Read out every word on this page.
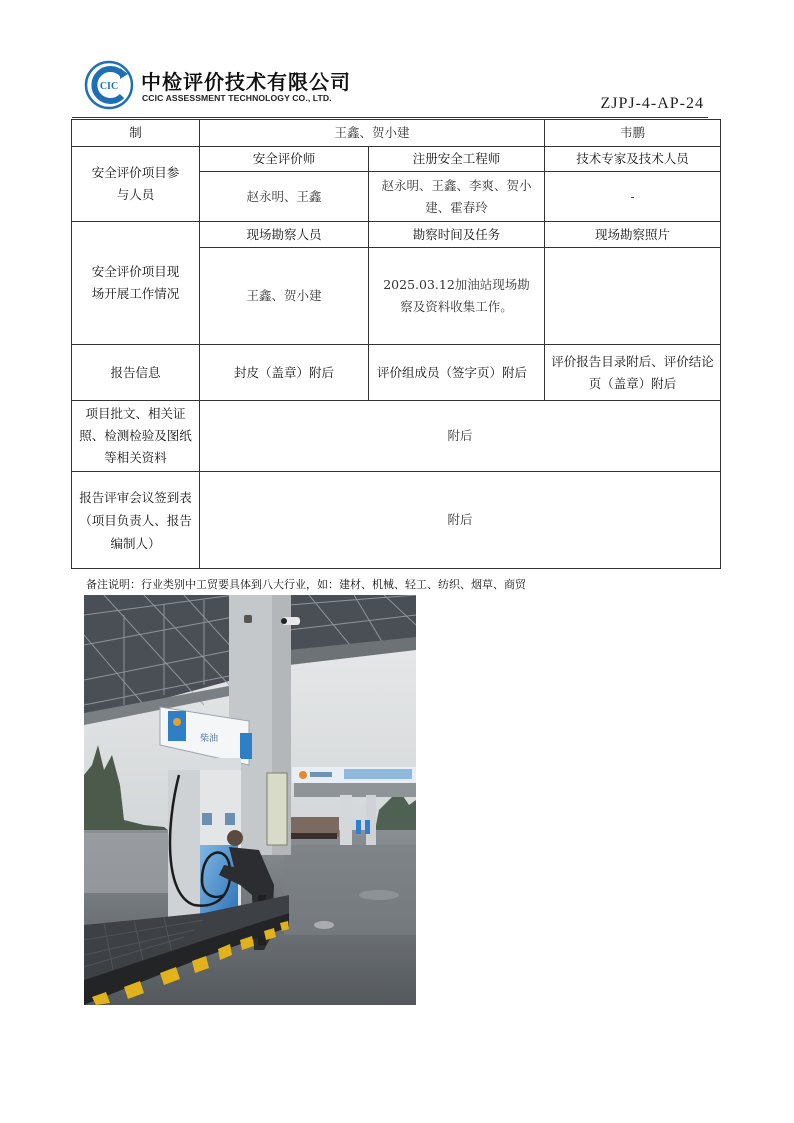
CIC 中检评价技术有限公司
CCIC ASSESSMENT TECHNOLOGY CO., LTD.	ZJPJ-4-AP-24
制	王鑫、贺小建		韦鹏
安全评价项目参与人员	安全评价师	注册安全工程师	技术专家及技术人员
	赵永明、王鑫	赵永明、王鑫、李爽、贺小建、霍春玲	-
安全评价项目现场开展工作情况	现场勘察人员	勘察时间及任务	现场勘察照片
	王鑫、贺小建	2025.03.12加油站现场勘察及资料收集工作。	
报告信息	封皮（盖章）附后	评价组成员（签字页）附后	评价报告目录附后、评价结论页（盖章）附后
项目批文、相关证照、检测检验及图纸等相关资料	附后		
报告评审会议签到表（项目负责人、报告编制人）	附后		
备注说明：行业类别中工贸要具体到八大行业，如：建材、机械、轻工、纺织、烟草、商贸
柴油
